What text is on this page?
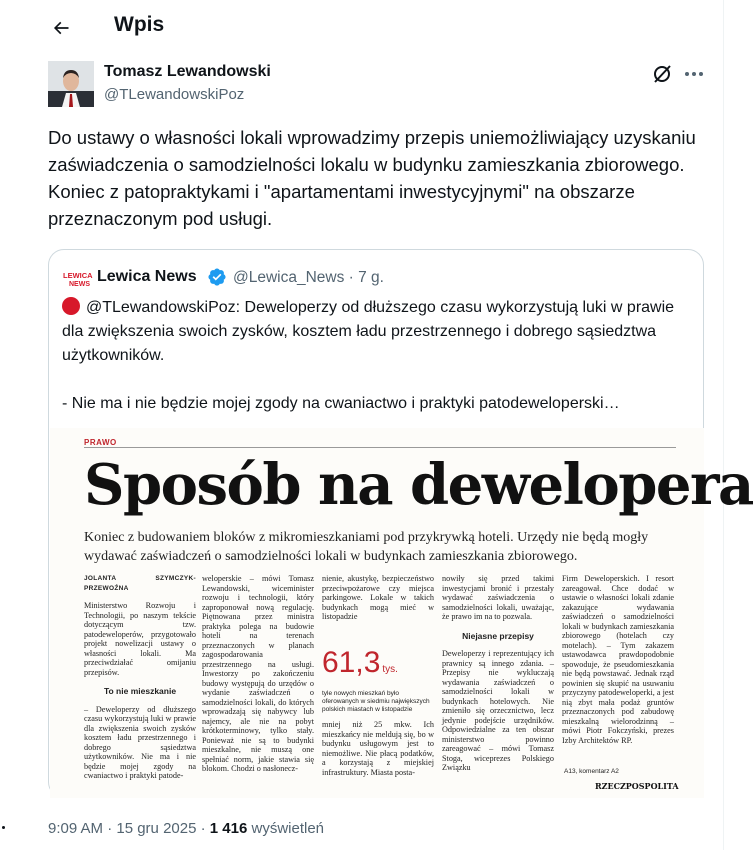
Wpis
Tomasz Lewandowski
@TLewandowskiPoz
Do ustawy o własności lokali wprowadzimy przepis uniemożliwiający uzyskaniu zaświadczenia o samodzielności lokalu w budynku zamieszkania zbiorowego. Koniec z patopraktykami i "apartamentami inwestycyjnymi" na obszarze przeznaczonym pod usługi.
LEWICA
NEWS Lewica News @Lewica_News · 7 g.
@TLewandowskiPoz: Deweloperzy od dłuższego czasu wykorzystują luki w prawie dla zwiększenia swoich zysków, kosztem ładu przestrzennego i dobrego sąsiedztwa użytkowników.
- Nie ma i nie będzie mojej zgody na cwaniactwo i praktyki patodeweloperski…
PRAWO
Sposób na dewelopera
Koniec z budowaniem bloków z mikromieszkaniami pod przykrywką hoteli. Urzędy nie będą mogły wydawać zaświadczeń o samodzielności lokali w budynkach zamieszkania zbiorowego.
JOLANTA SZYMCZYK-PRZEWOŹNA
Ministerstwo Rozwoju i Technologii, po naszym tekście dotyczącym tzw. patodeweloperów, przygotowało projekt nowelizacji ustawy o własności lokali. Ma przeciwdziałać omijaniu przepisów.
To nie mieszkanie
– Deweloperzy od dłuższego czasu wykorzystują luki w prawie dla zwiększenia swoich zysków kosztem ładu przestrzennego i dobrego sąsiedztwa użytkowników. Nie ma i nie będzie mojej zgody na cwaniactwo i praktyki patode-
weloperskie – mówi Tomasz Lewandowski, wiceminister rozwoju i technologii, który zaproponował nową regulację. Piętnowana przez ministra praktyka polega na budowie hoteli na terenach przeznaczonych w planach zagospodarowania przestrzennego na usługi. Inwestorzy po zakończeniu budowy występują do urzędów o wydanie zaświadczeń o samodzielności lokali, do których wprowadzają się nabywcy lub najemcy, ale nie na pobyt krótkoterminowy, tylko stały. Ponieważ nie są to budynki mieszkalne, nie muszą one spełniać norm, jakie stawia się blokom. Chodzi o nasłonecz-
nienie, akustykę, bezpieczeństwo przeciwpożarowe czy miejsca parkingowe. Lokale w takich budynkach mogą mieć w listopadzie
61,3 tys.
tyle nowych mieszkań było oferowanych w siedmiu największych polskich miastach w listopadzie
mniej niż 25 mkw. Ich mieszkańcy nie meldują się, bo w budynku usługowym jest to niemożliwe. Nie płacą podatków, a korzystają z miejskiej infrastruktury. Miasta posta-
nowiły się przed takimi inwestycjami bronić i przestały wydawać zaświadczenia o samodzielności lokali, uważając, że prawo im na to pozwala.
Niejasne przepisy
Deweloperzy i reprezentujący ich prawnicy są innego zdania. – Przepisy nie wykluczają wydawania zaświadczeń o samodzielności lokali w budynkach hotelowych. Nie zmieniło się orzecznictwo, lecz jedynie podejście urzędników. Odpowiedzialne za ten obszar ministerstwo powinno zareagować – mówi Tomasz Stoga, wiceprezes Polskiego Związku
Firm Deweloperskich. I resort zareagował. Chce dodać w ustawie o własności lokali zdanie zakazujące wydawania zaświadczeń o samodzielności lokali w budynkach zamieszkania zbiorowego (hotelach czy motelach). – Tym zakazem ustawodawca prawdopodobnie spowoduje, że pseudomieszkania nie będą powstawać. Jednak rząd powinien się skupić na usuwaniu przyczyny patodeweloperki, a jest nią zbyt mała podaż gruntów przeznaczonych pod zabudowę mieszkalną wielorodzinną – mówi Piotr Fokczyński, prezes Izby Architektów RP.
A13, komentarz A2
RZECZPOSPOLITA
9:09 AM · 15 gru 2025 · 1 416 wyświetleń
